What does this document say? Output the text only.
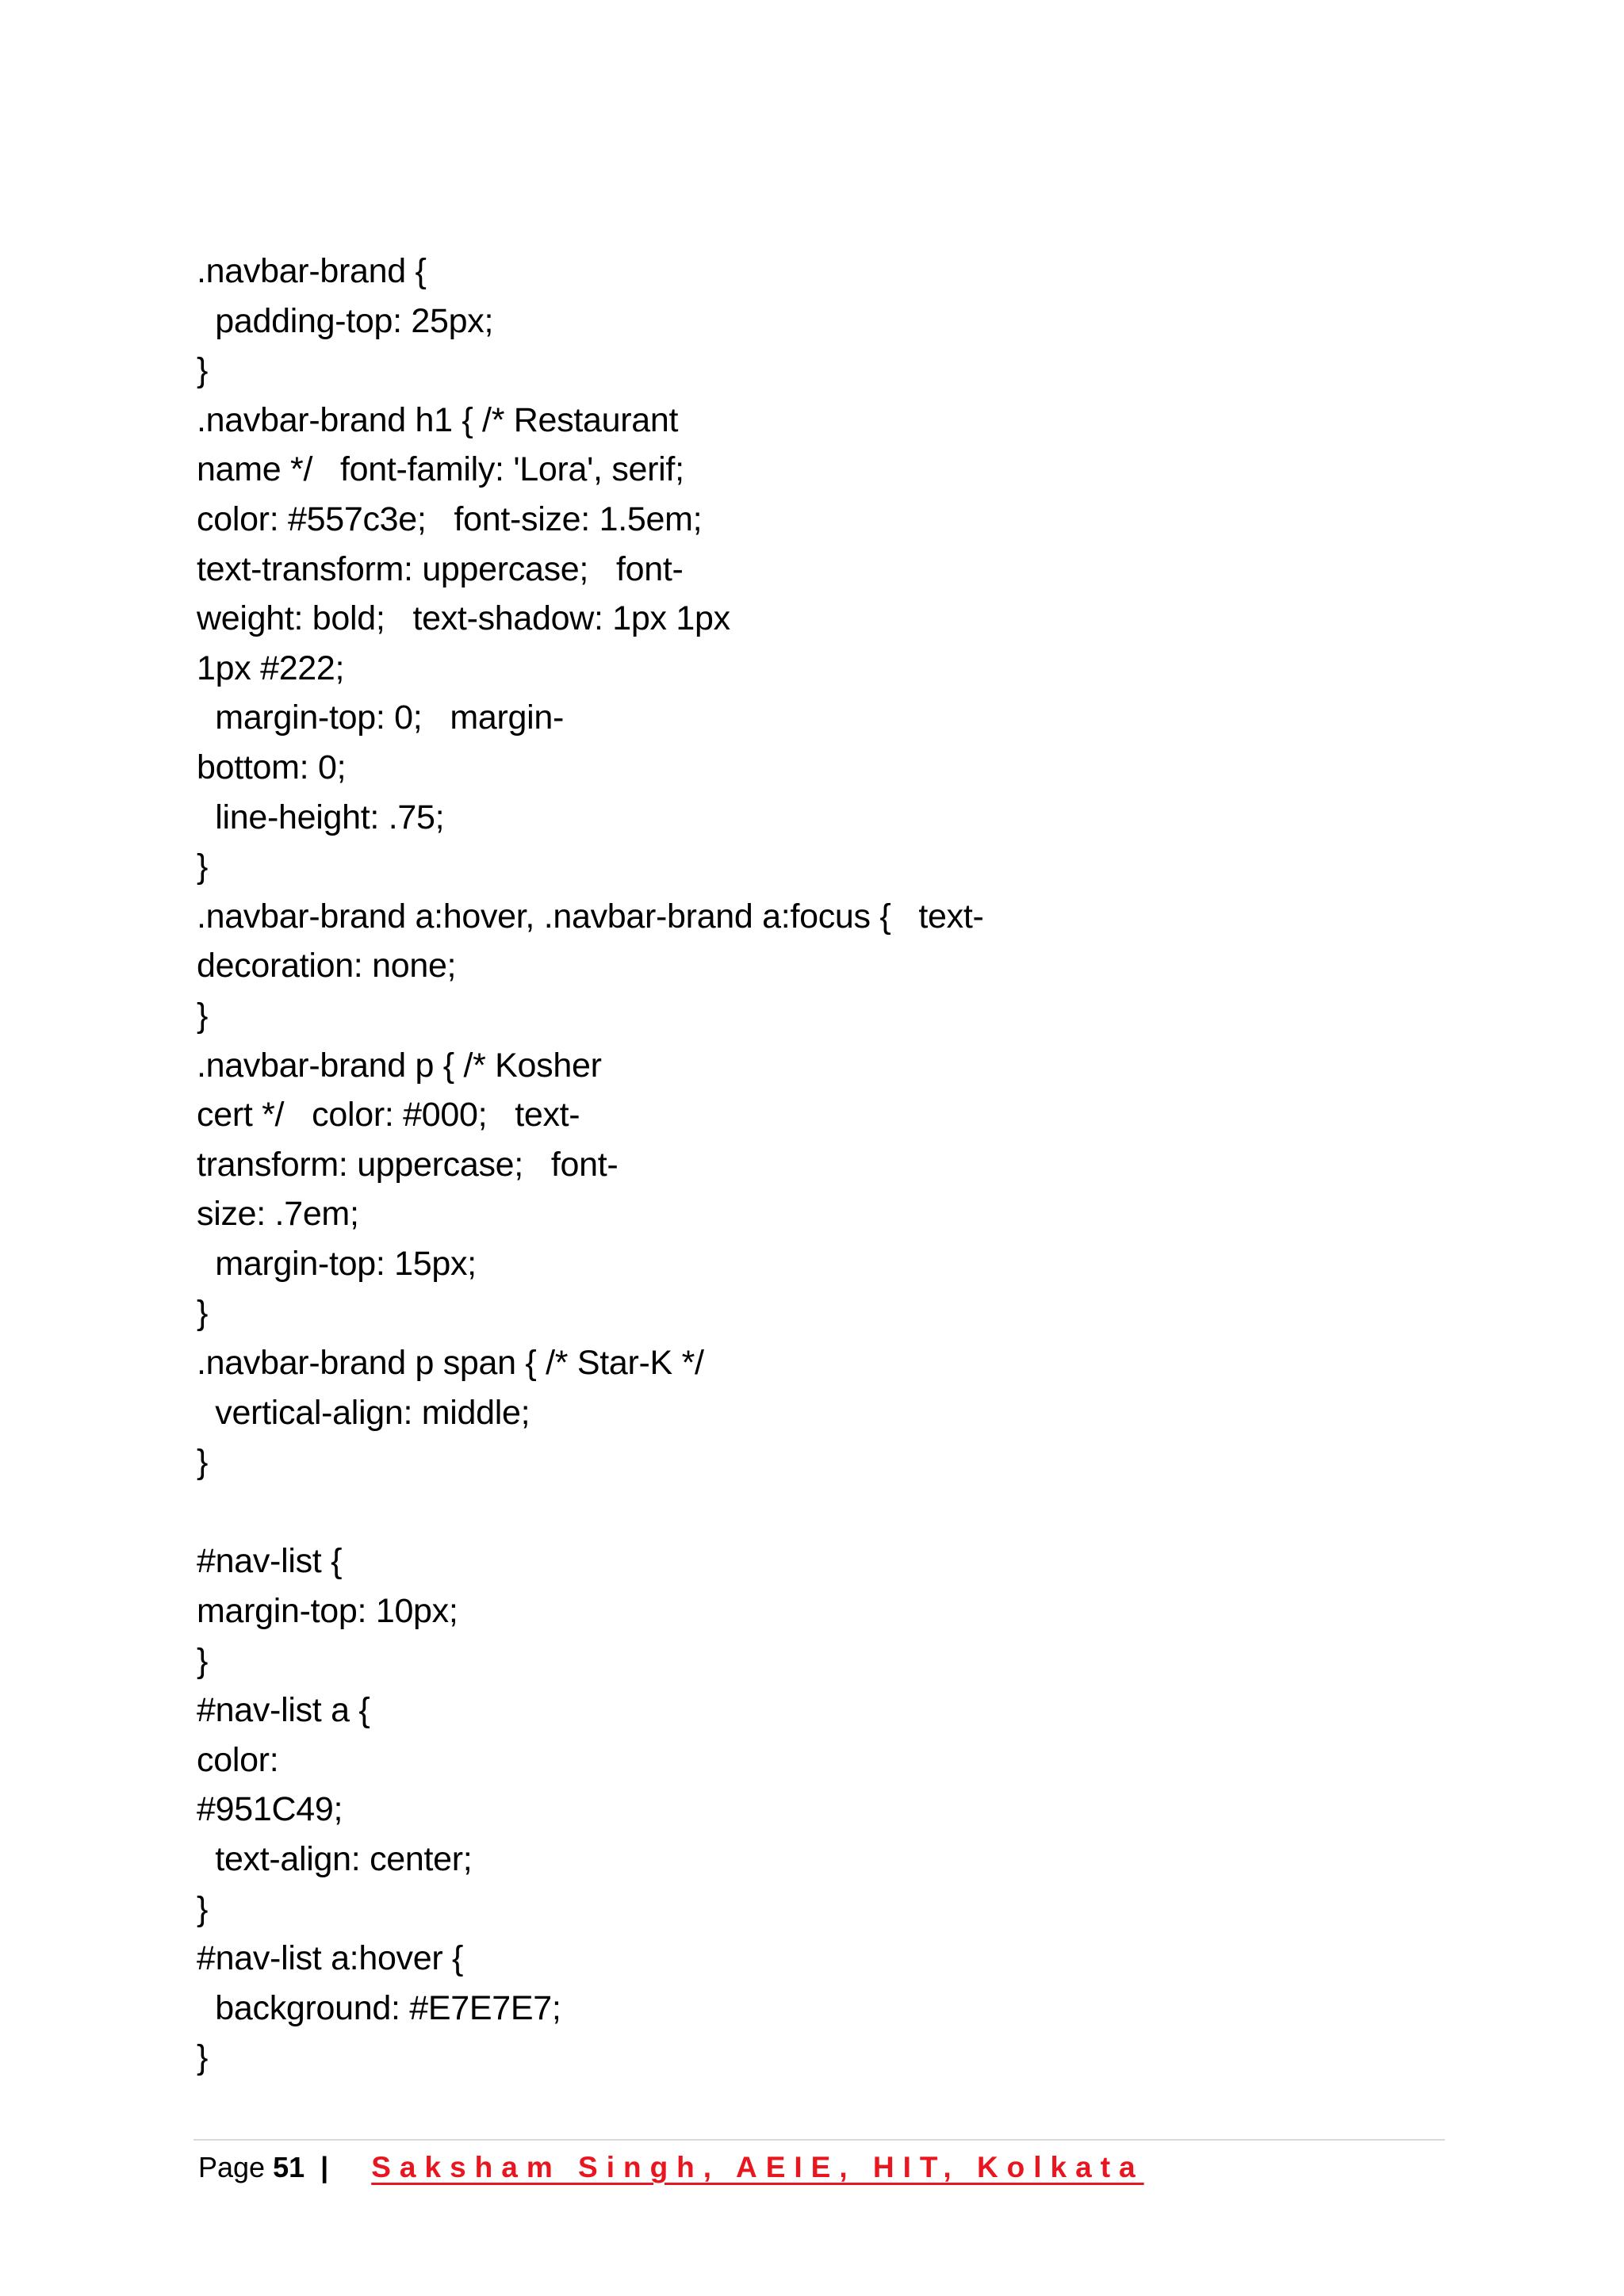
.navbar-brand {
padding-top: 25px;
}
.navbar-brand h1 { /* Restaurant
name */   font-family: 'Lora', serif;
color: #557c3e;   font-size: 1.5em;
text-transform: uppercase;   font-
weight: bold;   text-shadow: 1px 1px
1px #222;
margin-top: 0;   margin-
bottom: 0;
line-height: .75;
}
.navbar-brand a:hover, .navbar-brand a:focus {   text-
decoration: none;
}
.navbar-brand p { /* Kosher
cert */   color: #000;   text-
transform: uppercase;   font-
size: .7em;
margin-top: 15px;
}
.navbar-brand p span { /* Star-K */
vertical-align: middle;
}
#nav-list {
margin-top: 10px;
}
#nav-list a {
color:
#951C49;
text-align: center;
}
#nav-list a:hover {
background: #E7E7E7;
}
Page 51 | Saksham Singh, AEIE, HIT, Kolkata
